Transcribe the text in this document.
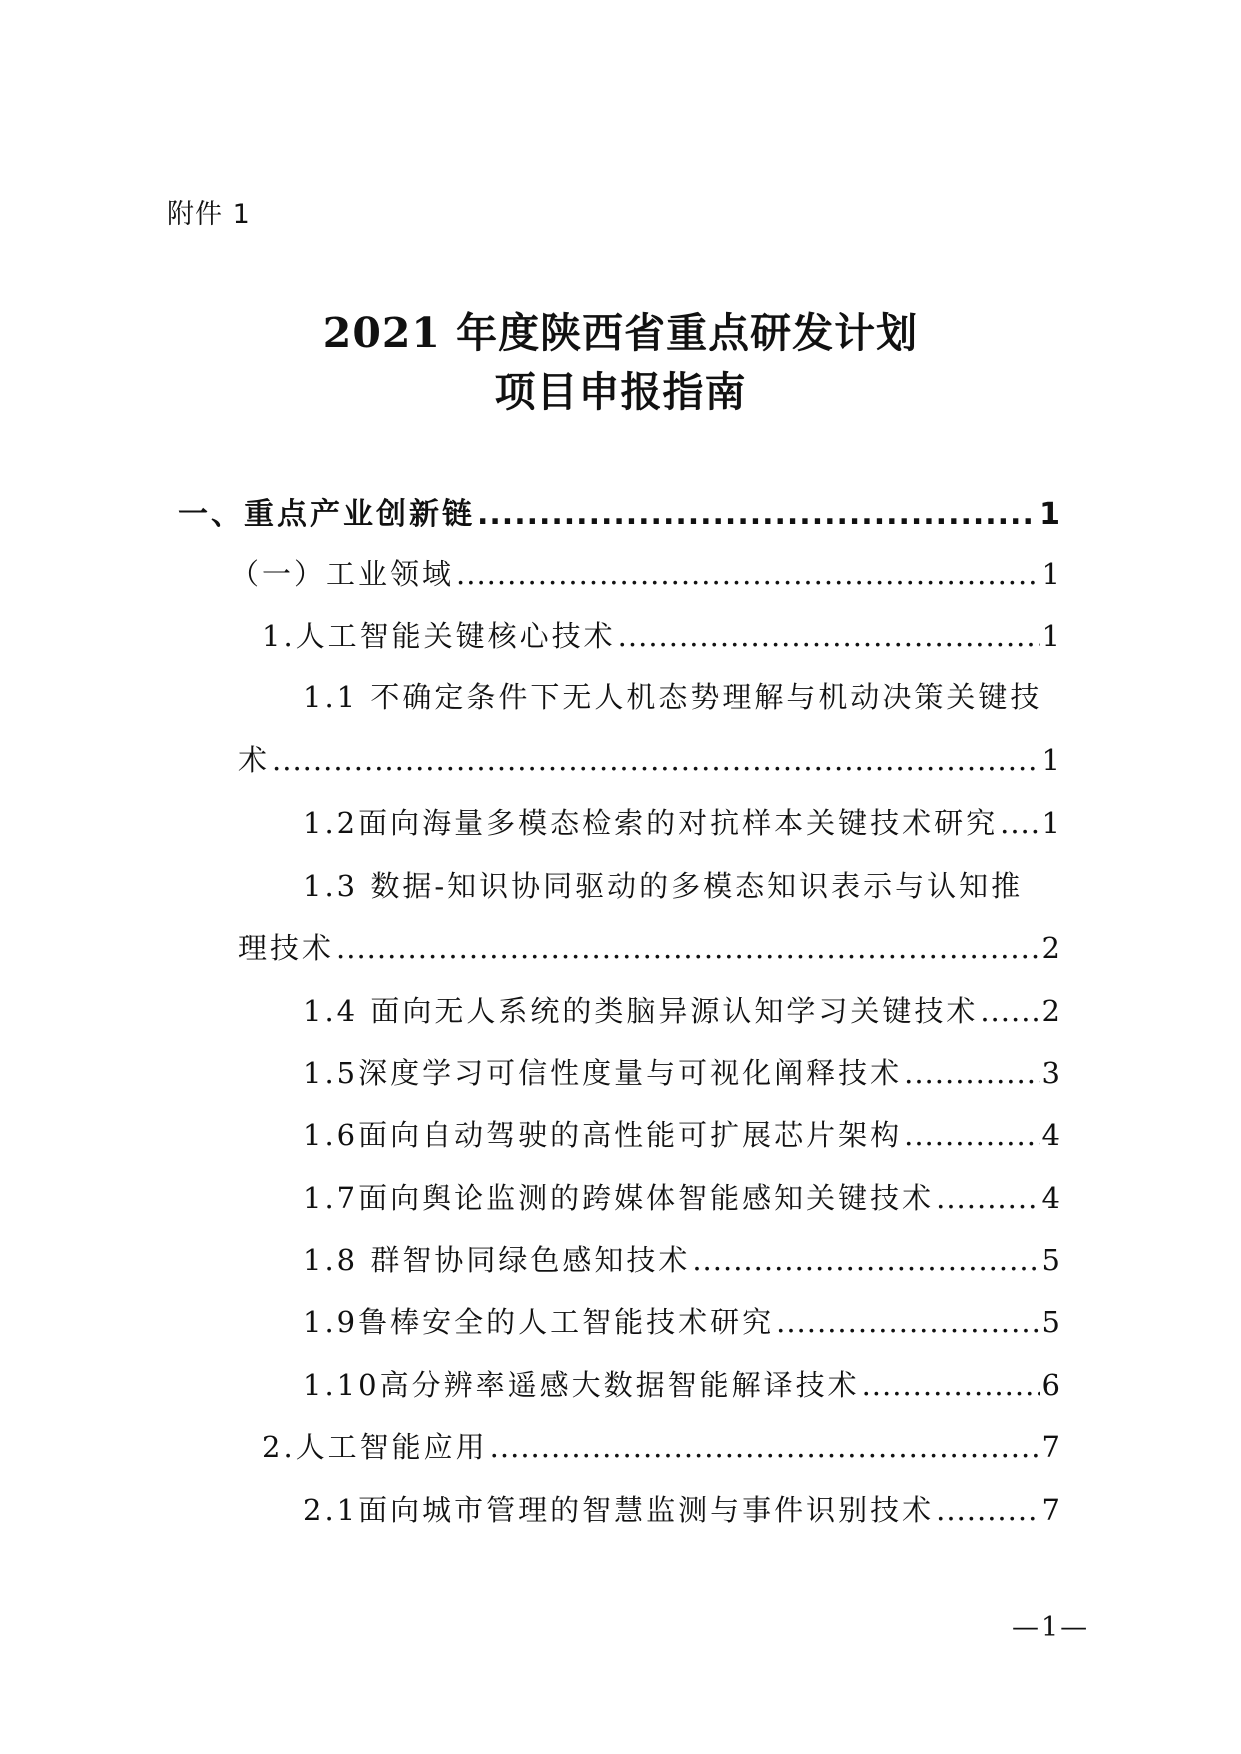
附件 1
2021 年度陕西省重点研发计划
项目申报指南
一、重点产业创新链 .....	1
（一）工业领域 .....	1
1.人工智能关键核心技术 .....	1
1.1 不确定条件下无人机态势理解与机动决策关键技
术 .....	1
1.2面向海量多模态检索的对抗样本关键技术研究 ..... 1
1.3 数据-知识协同驱动的多模态知识表示与认知推
理技术 .....	2
1.4 面向无人系统的类脑异源认知学习关键技术 ..... 2
1.5深度学习可信性度量与可视化阐释技术 .....	3
1.6面向自动驾驶的高性能可扩展芯片架构 .....	4
1.7面向舆论监测的跨媒体智能感知关键技术 .....	4
1.8 群智协同绿色感知技术 .....	5
1.9鲁棒安全的人工智能技术研究 .....	5
1.10高分辨率遥感大数据智能解译技术 .....	6
2.人工智能应用 .....	7
2.1面向城市管理的智慧监测与事件识别技术 .....	7
—1—
